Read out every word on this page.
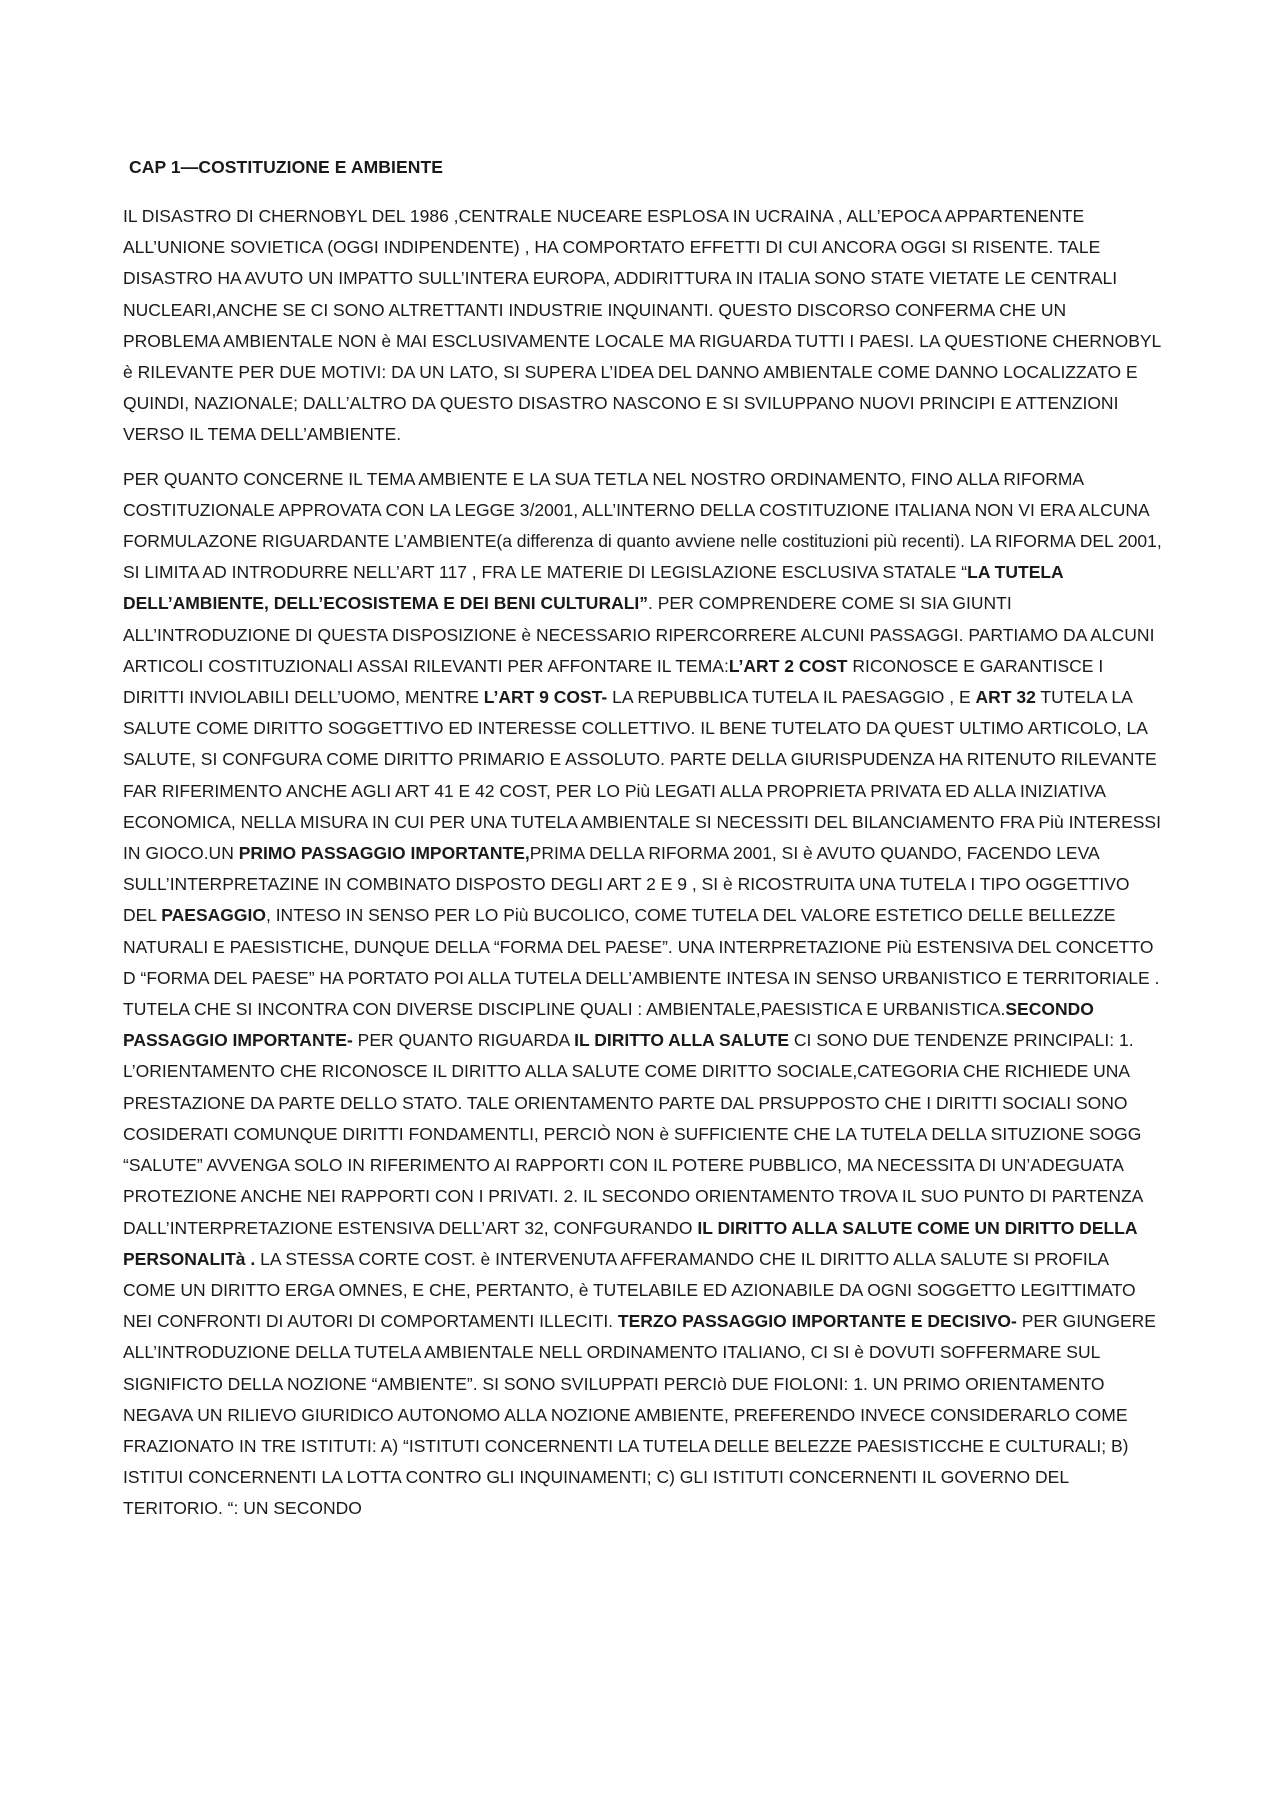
CAP 1—COSTITUZIONE E AMBIENTE

IL DISASTRO DI CHERNOBYL DEL 1986 ,CENTRALE NUCEARE ESPLOSA IN UCRAINA , ALL’EPOCA APPARTENENTE ALL’UNIONE SOVIETICA (OGGI INDIPENDENTE) , HA COMPORTATO EFFETTI DI CUI ANCORA OGGI SI RISENTE. TALE DISASTRO HA AVUTO UN IMPATTO SULL’INTERA EUROPA, ADDIRITTURA IN ITALIA SONO STATE VIETATE LE CENTRALI NUCLEARI,ANCHE SE CI SONO ALTRETTANTI INDUSTRIE INQUINANTI. QUESTO DISCORSO CONFERMA CHE UN PROBLEMA AMBIENTALE NON è MAI ESCLUSIVAMENTE LOCALE MA RIGUARDA TUTTI I PAESI. LA QUESTIONE CHERNOBYL è RILEVANTE PER DUE MOTIVI: DA UN LATO, SI SUPERA L’IDEA DEL DANNO AMBIENTALE COME DANNO LOCALIZZATO E QUINDI, NAZIONALE; DALL’ALTRO DA QUESTO DISASTRO NASCONO E SI SVILUPPANO NUOVI PRINCIPI E ATTENZIONI VERSO IL TEMA DELL’AMBIENTE.

PER QUANTO CONCERNE IL TEMA AMBIENTE E LA SUA TETLA NEL NOSTRO ORDINAMENTO, FINO ALLA RIFORMA COSTITUZIONALE APPROVATA CON LA LEGGE 3/2001, ALL’INTERNO DELLA COSTITUZIONE ITALIANA NON VI ERA ALCUNA FORMULAZONE RIGUARDANTE L’AMBIENTE(a differenza di quanto avviene nelle costituzioni più recenti). LA RIFORMA DEL 2001, SI LIMITA AD INTRODURRE NELL’ART 117 , FRA LE MATERIE DI LEGISLAZIONE ESCLUSIVA STATALE “LA TUTELA DELL’AMBIENTE, DELL’ECOSISTEMA E DEI BENI CULTURALI”. PER COMPRENDERE COME SI SIA GIUNTI ALL’INTRODUZIONE DI QUESTA DISPOSIZIONE è NECESSARIO RIPERCORRERE ALCUNI PASSAGGI. PARTIAMO DA ALCUNI ARTICOLI COSTITUZIONALI ASSAI RILEVANTI PER AFFONTARE IL TEMA:L’ART 2 COST RICONOSCE E GARANTISCE I DIRITTI INVIOLABILI DELL’UOMO, MENTRE L’ART 9 COST- LA REPUBBLICA TUTELA IL PAESAGGIO , E ART 32 TUTELA LA SALUTE COME DIRITTO SOGGETTIVO ED INTERESSE COLLETTIVO. IL BENE TUTELATO DA QUEST ULTIMO ARTICOLO, LA SALUTE, SI CONFGURA COME DIRITTO PRIMARIO E ASSOLUTO. PARTE DELLA GIURISPUDENZA HA RITENUTO RILEVANTE FAR RIFERIMENTO ANCHE AGLI ART 41 E 42 COST, PER LO Più LEGATI ALLA PROPRIETA PRIVATA ED ALLA INIZIATIVA ECONOMICA, NELLA MISURA IN CUI PER UNA TUTELA AMBIENTALE SI NECESSITI DEL BILANCIAMENTO FRA Più INTERESSI IN GIOCO.UN PRIMO PASSAGGIO IMPORTANTE,PRIMA DELLA RIFORMA 2001, SI è AVUTO QUANDO, FACENDO LEVA SULL’INTERPRETAZINE IN COMBINATO DISPOSTO DEGLI ART 2 E 9 , SI è RICOSTRUITA UNA TUTELA I TIPO OGGETTIVO DEL PAESAGGIO, INTESO IN SENSO PER LO Più BUCOLICO, COME TUTELA DEL VALORE ESTETICO DELLE BELLEZZE NATURALI E PAESISTICHE, DUNQUE DELLA “FORMA DEL PAESE”. UNA INTERPRETAZIONE Più ESTENSIVA DEL CONCETTO D “FORMA DEL PAESE” HA PORTATO POI ALLA TUTELA DELL’AMBIENTE INTESA IN SENSO URBANISTICO E TERRITORIALE . TUTELA CHE SI INCONTRA CON DIVERSE DISCIPLINE QUALI : AMBIENTALE,PAESISTICA E URBANISTICA.SECONDO PASSAGGIO IMPORTANTE- PER QUANTO RIGUARDA IL DIRITTO ALLA SALUTE CI SONO DUE TENDENZE PRINCIPALI: 1. L’ORIENTAMENTO CHE RICONOSCE IL DIRITTO ALLA SALUTE COME DIRITTO SOCIALE,CATEGORIA CHE RICHIEDE UNA PRESTAZIONE DA PARTE DELLO STATO. TALE ORIENTAMENTO PARTE DAL PRSUPPOSTO CHE I DIRITTI SOCIALI SONO COSIDERATI COMUNQUE DIRITTI FONDAMENTLI, PERCIÒ NON è SUFFICIENTE CHE LA TUTELA DELLA SITUZIONE SOGG “SALUTE” AVVENGA SOLO IN RIFERIMENTO AI RAPPORTI CON IL POTERE PUBBLICO, MA NECESSITA DI UN’ADEGUATA PROTEZIONE ANCHE NEI RAPPORTI CON I PRIVATI. 2. IL SECONDO ORIENTAMENTO TROVA IL SUO PUNTO DI PARTENZA DALL’INTERPRETAZIONE ESTENSIVA DELL’ART 32, CONFGURANDO IL DIRITTO ALLA SALUTE COME UN DIRITTO DELLA PERSONALITà . LA STESSA CORTE COST. è INTERVENUTA AFFERAMANDO CHE IL DIRITTO ALLA SALUTE SI PROFILA COME UN DIRITTO ERGA OMNES, E CHE, PERTANTO, è TUTELABILE ED AZIONABILE DA OGNI SOGGETTO LEGITTIMATO NEI CONFRONTI DI AUTORI DI COMPORTAMENTI ILLECITI. TERZO PASSAGGIO IMPORTANTE E DECISIVO- PER GIUNGERE ALL’INTRODUZIONE DELLA TUTELA AMBIENTALE NELL ORDINAMENTO ITALIANO, CI SI è DOVUTI SOFFERMARE SUL SIGNIFICTO DELLA NOZIONE “AMBIENTE”. SI SONO SVILUPPATI PERCIò DUE FIOLONI: 1. UN PRIMO ORIENTAMENTO NEGAVA UN RILIEVO GIURIDICO AUTONOMO ALLA NOZIONE AMBIENTE, PREFERENDO INVECE CONSIDERARLO COME FRAZIONATO IN TRE ISTITUTI: A) “ISTITUTI CONCERNENTI LA TUTELA DELLE BELEZZE PAESISTICCHE E CULTURALI; B) ISTITUI CONCERNENTI LA LOTTA CONTRO GLI INQUINAMENTI; C) GLI ISTITUTI CONCERNENTI IL GOVERNO DEL TERITORIO. “: UN SECONDO
